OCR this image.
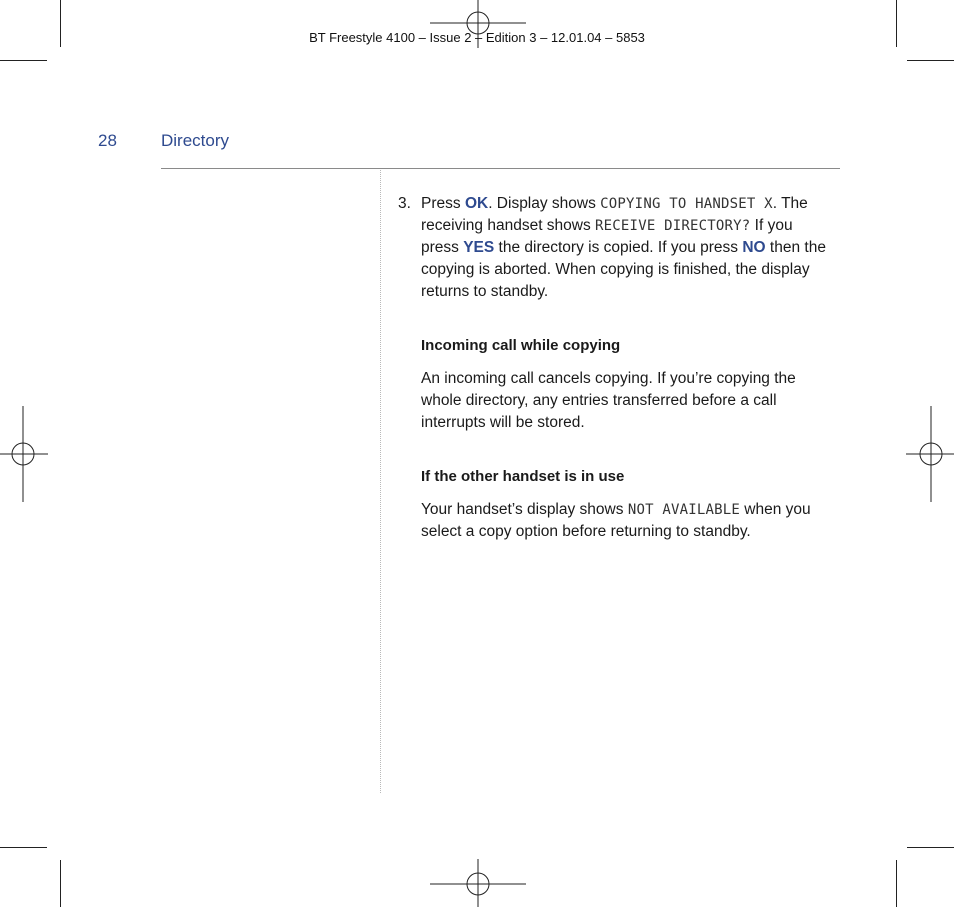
BT Freestyle 4100 – Issue 2 – Edition 3 – 12.01.04 – 5853
28	Directory
3. Press OK. Display shows COPYING TO HANDSET X. The receiving handset shows RECEIVE DIRECTORY? If you press YES the directory is copied. If you press NO then the copying is aborted. When copying is finished, the display returns to standby.
Incoming call while copying
An incoming call cancels copying. If you’re copying the whole directory, any entries transferred before a call interrupts will be stored.
If the other handset is in use
Your handset’s display shows NOT AVAILABLE when you select a copy option before returning to standby.
